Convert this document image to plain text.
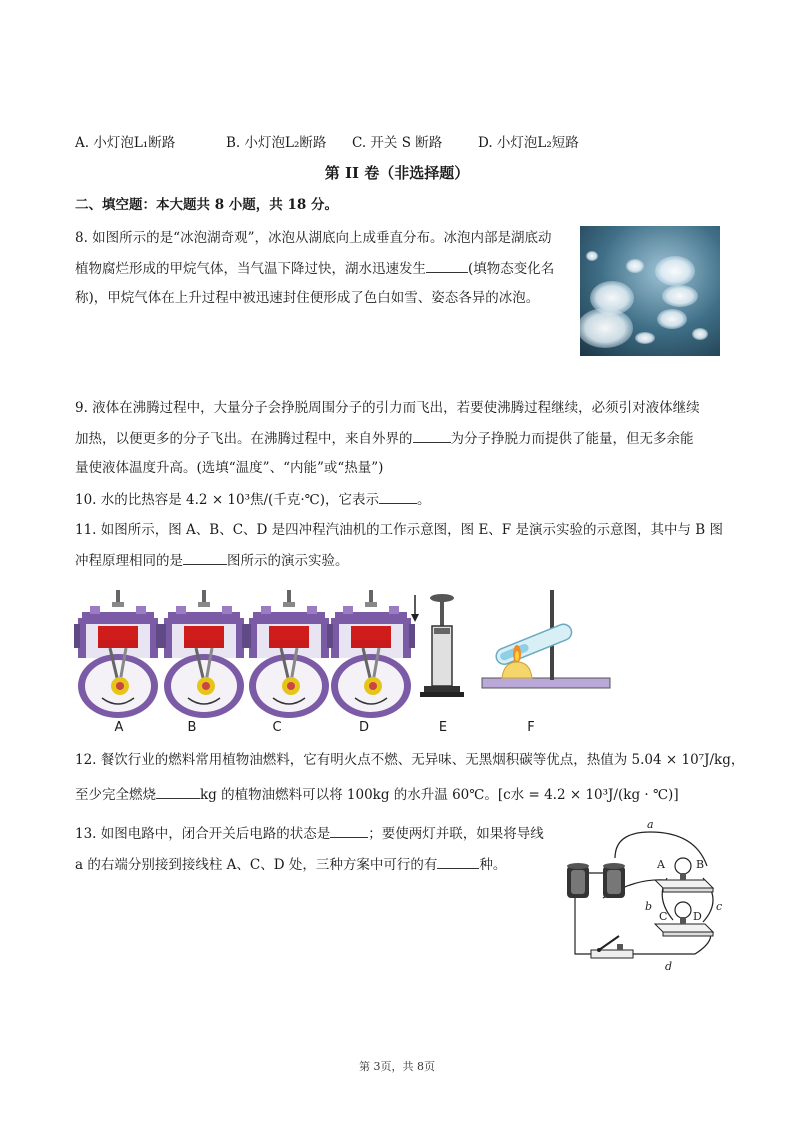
A. 小灯泡L₁断路	B. 小灯泡L₂断路 C. 开关 S 断路	D. 小灯泡L₂短路
第 II 卷（非选择题）
二、填空题：本大题共 8 小题，共 18 分。
8. 如图所示的是“冰泡湖奇观”，冰泡从湖底向上成垂直分布。冰泡内部是湖底动
植物腐烂形成的甲烷气体，当气温下降过快，湖水迅速发生	(填物态变化名
称)，甲烷气体在上升过程中被迅速封住便形成了色白如雪、姿态各异的冰泡。
9. 液体在沸腾过程中，大量分子会挣脱周围分子的引力而飞出，若要使沸腾过程继续，必须引对液体继续
加热，以便更多的分子飞出。在沸腾过程中，来自外界的	为分子挣脱力而提供了能量，但无多余能
量使液体温度升高。(选填“温度”、“内能”或“热量”)
10. 水的比热容是 4.2 × 10³焦/(千克·℃)，它表示	。
11. 如图所示，图 A、B、C、D 是四冲程汽油机的工作示意图，图 E、F 是演示实验的示意图，其中与 B 图
冲程原理相同的是	图所示的演示实验。
A	B	C	D	E	F
12. 餐饮行业的燃料常用植物油燃料，它有明火点不燃、无异味、无黑烟积碳等优点，热值为 5.04 × 10⁷J/kg，
至少完全燃烧	kg 的植物油燃料可以将 100kg 的水升温 60℃。[c水 = 4.2 × 10³J/(kg · ℃)]
13. 如图电路中，闭合开关后电路的状态是	；要使两灯并联，如果将导线
a 的右端分别接到接线柱 A、C、D 处，三种方案中可行的有	种。
a
A	B
b	c
C D
d
第 3页，共 8页
